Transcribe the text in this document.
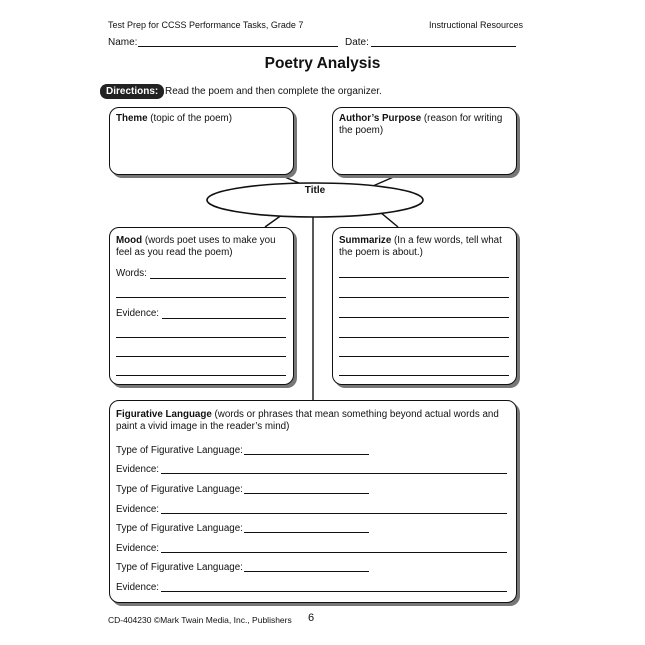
Test Prep for CCSS Performance Tasks, Grade 7	Instructional Resources
Name:	Date:
Poetry Analysis
Directions: Read the poem and then complete the organizer.
Title
Theme (topic of the poem)	Author’s Purpose (reason for writing the poem)
Mood (words poet uses to make you feel as you read the poem)
Words:
Evidence:
Summarize (In a few words, tell what the poem is about.)
Figurative Language (words or phrases that mean something beyond actual words and paint a vivid image in the reader’s mind)
Type of Figurative Language:
Evidence:
Type of Figurative Language:
Evidence:
Type of Figurative Language:
Evidence:
Type of Figurative Language:
Evidence:
CD-404230 ©Mark Twain Media, Inc., Publishers 6
